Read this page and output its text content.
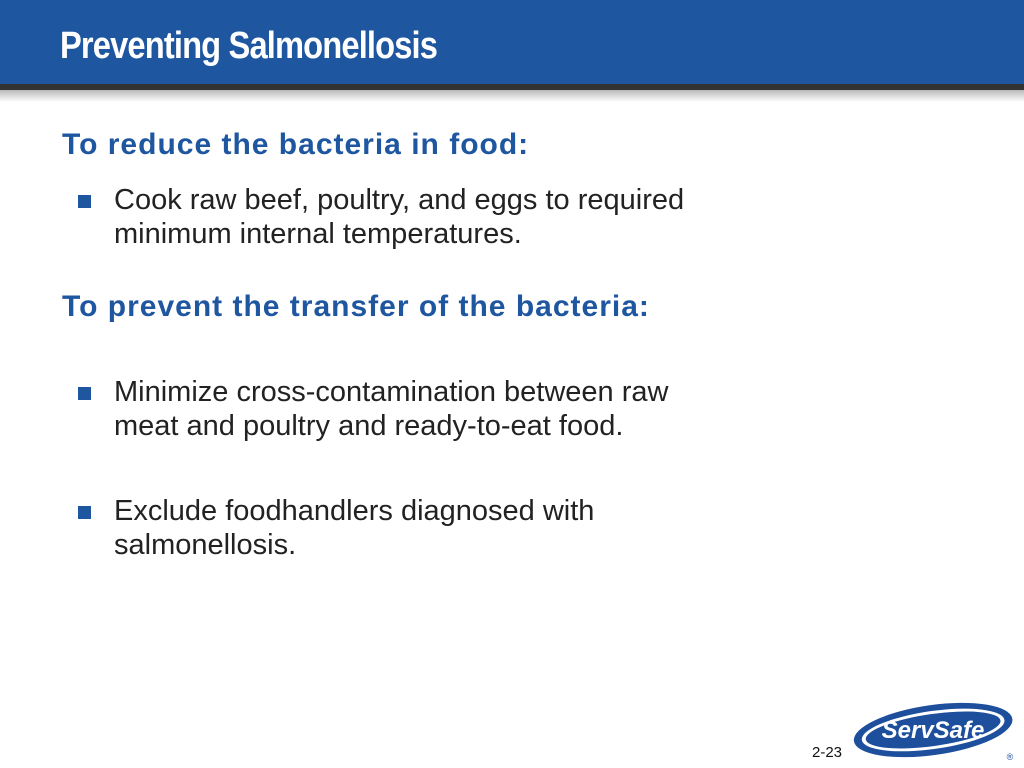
Preventing Salmonellosis
To reduce the bacteria in food:

Cook raw beef, poultry, and eggs to required minimum internal temperatures.

To prevent the transfer of the bacteria:

Minimize cross-contamination between raw meat and poultry and ready-to-eat food.

Exclude foodhandlers diagnosed with salmonellosis.

2-23
ServSafe
®
